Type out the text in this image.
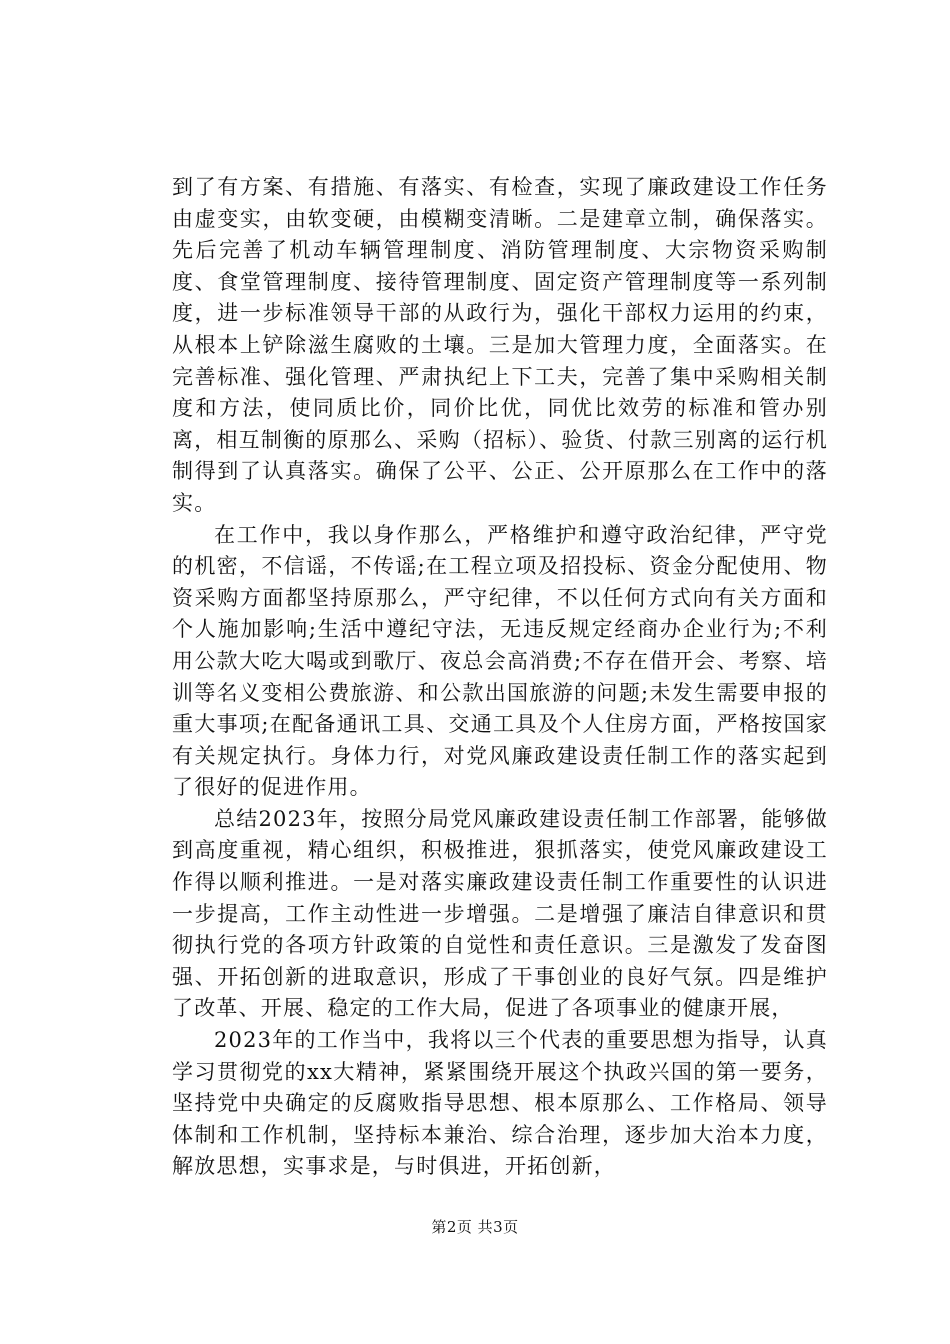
到了有方案、有措施、有落实、有检查，实现了廉政建设工作任务由虚变实，由软变硬，由模糊变清晰。二是建章立制，确保落实。先后完善了机动车辆管理制度、消防管理制度、大宗物资采购制度、食堂管理制度、接待管理制度、固定资产管理制度等一系列制度，进一步标准领导干部的从政行为，强化干部权力运用的约束，从根本上铲除滋生腐败的土壤。三是加大管理力度，全面落实。在完善标准、强化管理、严肃执纪上下工夫，完善了集中采购相关制度和方法，使同质比价，同价比优，同优比效劳的标准和管办别离，相互制衡的原那么、采购（招标）、验货、付款三别离的运行机制得到了认真落实。确保了公平、公正、公开原那么在工作中的落实。

在工作中，我以身作那么，严格维护和遵守政治纪律，严守党的机密，不信谣，不传谣;在工程立项及招投标、资金分配使用、物资采购方面都坚持原那么，严守纪律，不以任何方式向有关方面和个人施加影响;生活中遵纪守法，无违反规定经商办企业行为;不利用公款大吃大喝或到歌厅、夜总会高消费;不存在借开会、考察、培训等名义变相公费旅游、和公款出国旅游的问题;未发生需要申报的重大事项;在配备通讯工具、交通工具及个人住房方面，严格按国家有关规定执行。身体力行，对党风廉政建设责任制工作的落实起到了很好的促进作用。

总结2023年，按照分局党风廉政建设责任制工作部署，能够做到高度重视，精心组织，积极推进，狠抓落实，使党风廉政建设工作得以顺利推进。一是对落实廉政建设责任制工作重要性的认识进一步提高，工作主动性进一步增强。二是增强了廉洁自律意识和贯彻执行党的各项方针政策的自觉性和责任意识。三是激发了发奋图强、开拓创新的进取意识，形成了干事创业的良好气氛。四是维护了改革、开展、稳定的工作大局，促进了各项事业的健康开展，

2023年的工作当中，我将以三个代表的重要思想为指导，认真学习贯彻党的xx大精神，紧紧围绕开展这个执政兴国的第一要务，坚持党中央确定的反腐败指导思想、根本原那么、工作格局、领导体制和工作机制，坚持标本兼治、综合治理，逐步加大治本力度，解放思想，实事求是，与时俱进，开拓创新，

第2页 共3页
